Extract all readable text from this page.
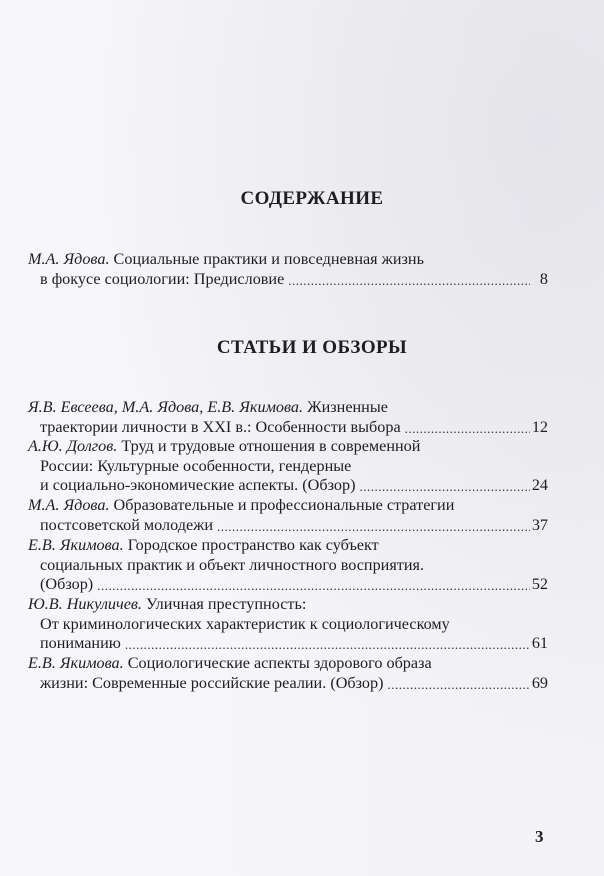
СОДЕРЖАНИЕ
М.А. Ядова.
Социальные практики и повседневная жизнь
в фокусе социологии: Предисловие .....	8
СТАТЬИ И ОБЗОРЫ
Я.В. Евсеева, М.А. Ядова, Е.В. Якимова.
Жизненные
траектории личности в XXI в.: Особенности выбора .....	12
А.Ю. Долгов.
Труд и трудовые отношения в современной
России: Культурные особенности, гендерные
и социально-экономические аспекты. (Обзор) .....	24
М.А. Ядова.
Образовательные и профессиональные стратегии
постсоветской молодежи .....	37
Е.В. Якимова.
Городское пространство как субъект
социальных практик и объект личностного восприятия.
(Обзор) .....	52
Ю.В. Никуличев.
Уличная преступность:
От криминологических характеристик к социологическому
пониманию .....	61
Е.В. Якимова.
Социологические аспекты здорового образа
жизни: Современные российские реалии. (Обзор) .....	69
3
